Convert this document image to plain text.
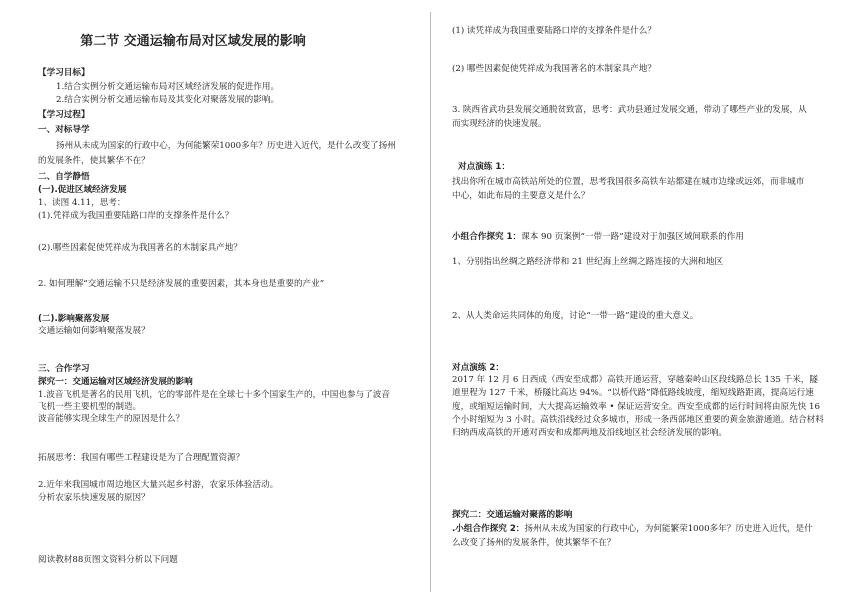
第二节 交通运输布局对区域发展的影响
【学习目标】
1.结合实例分析交通运输布局对区域经济发展的促进作用。
2.结合实例分析交通运输布局及其变化对聚落发展的影响。
【学习过程】
一、对标导学
扬州从未成为国家的行政中心，为何能繁荣1000多年？历史进入近代，是什么改变了扬州
的发展条件，使其繁华不在？
二、自学静悟
(一).促进区域经济发展
1、读图 4.11，思考：
(1).凭祥成为我国重要陆路口岸的支撑条件是什么？
(2).哪些因素促使凭祥成为我国著名的木制家具产地？
2. 如何理解“交通运输不只是经济发展的重要因素，其本身也是重要的产业”
(二).影响聚落发展
交通运输如何影响聚落发展？
三、合作学习
探究一：交通运输对区域经济发展的影响
1.波音飞机是著名的民用飞机，它的零部件是在全球七十多个国家生产的，中国也参与了波音
飞机一些主要机型的制造。
波音能够实现全球生产的原因是什么？
拓展思考：我国有哪些工程建设是为了合理配置资源？
2.近年来我国城市周边地区大量兴起乡村游，农家乐体验活动。
分析农家乐快速发展的原因？
阅读教材88页图文资料分析以下问题
(1) 读凭祥成为我国重要陆路口岸的支撑条件是什么？
(2) 哪些因素促使凭祥成为我国著名的木制家具产地？
3. 陕西省武功县发展交通脱贫致富，思考：武功县通过发展交通，带动了哪些产业的发展，从
而实现经济的快速发展。
对点演练 1：
找出你所在城市高铁站所处的位置，思考我国很多高铁车站都建在城市边缘或远郊，而非城市
中心，如此布局的主要意义是什么？
小组合作探究 1：课本 90 页案例“一带一路”建设对于加强区域间联系的作用
1、分别指出丝绸之路经济带和 21 世纪海上丝绸之路连接的大洲和地区
2、从人类命运共同体的角度，讨论“一带一路”建设的重大意义。
对点演练 2：
2017 年 12 月 6 日西成（西安至成都）高铁开通运营，穿越秦岭山区段线路总长 135 千米，隧道里程为 127 千米，桥隧比高达 94%。“以桥代路”降低路线坡度，缩短线路距离，提高运行速度，或缩短运输时间，大大提高运输效率 • 保证运营安全。西安至成都的运行时间将由原先快 16 个小时缩短为 3 小时。高铁沿线经过众多城市，形成一条西部地区重要的黄金旅游通道。结合材料归纳西成高铁的开通对西安和成都两地及沿线地区社会经济发展的影响。
探究二：交通运输对聚落的影响
.小组合作探究 2：扬州从未成为国家的行政中心，为何能繁荣1000多年？历史进入近代，是什
么改变了扬州的发展条件，使其繁华不在？
